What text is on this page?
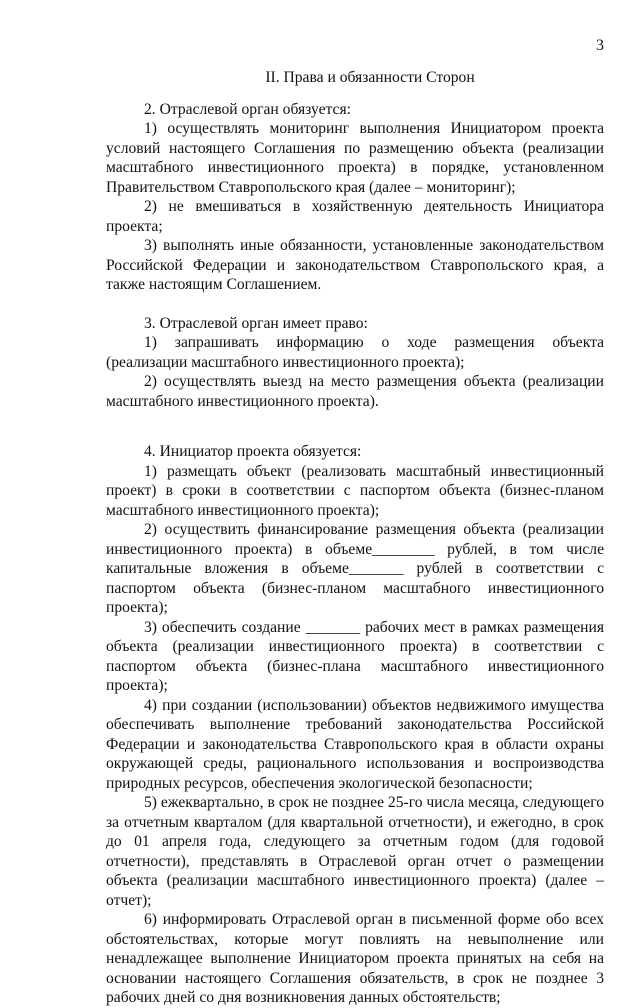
3
II. Права и обязанности Сторон

2. Отраслевой орган обязуется:

1) осуществлять мониторинг выполнения Инициатором проекта условий настоящего Соглашения по размещению объекта (реализации масштабного инвестиционного проекта) в порядке, установленном Правительством Ставропольского края (далее – мониторинг);

2) не вмешиваться в хозяйственную деятельность Инициатора проекта;

3) выполнять иные обязанности, установленные законодательством Российской Федерации и законодательством Ставропольского края, а также настоящим Соглашением.

3. Отраслевой орган имеет право:

1) запрашивать информацию о ходе размещения объекта (реализации масштабного инвестиционного проекта);

2) осуществлять выезд на место размещения объекта (реализации масштабного инвестиционного проекта).

4. Инициатор проекта обязуется:

1) размещать объект (реализовать масштабный инвестиционный проект) в сроки в соответствии с паспортом объекта (бизнес-планом масштабного инвестиционного проекта);

2) осуществить финансирование размещения объекта (реализации инвестиционного проекта) в объеме________ рублей, в том числе капитальные вложения в объеме_______ рублей в соответствии с паспортом объекта (бизнес-планом масштабного инвестиционного проекта);

3) обеспечить создание _______ рабочих мест в рамках размещения объекта (реализации инвестиционного проекта) в соответствии с паспортом объекта (бизнес-плана масштабного инвестиционного проекта);

4) при создании (использовании) объектов недвижимого имущества обеспечивать выполнение требований законодательства Российской Федерации и законодательства Ставропольского края в области охраны окружающей среды, рационального использования и воспроизводства природных ресурсов, обеспечения экологической безопасности;

5) ежеквартально, в срок не позднее 25-го числа месяца, следующего за отчетным кварталом (для квартальной отчетности), и ежегодно, в срок до 01 апреля года, следующего за отчетным годом (для годовой отчетности), представлять в Отраслевой орган отчет о размещении объекта (реализации масштабного инвестиционного проекта) (далее – отчет);

6) информировать Отраслевой орган в письменной форме обо всех обстоятельствах, которые могут повлиять на невыполнение или ненадлежащее выполнение Инициатором проекта принятых на себя на основании настоящего Соглашения обязательств, в срок не позднее 3 рабочих дней со дня возникновения данных обстоятельств;
